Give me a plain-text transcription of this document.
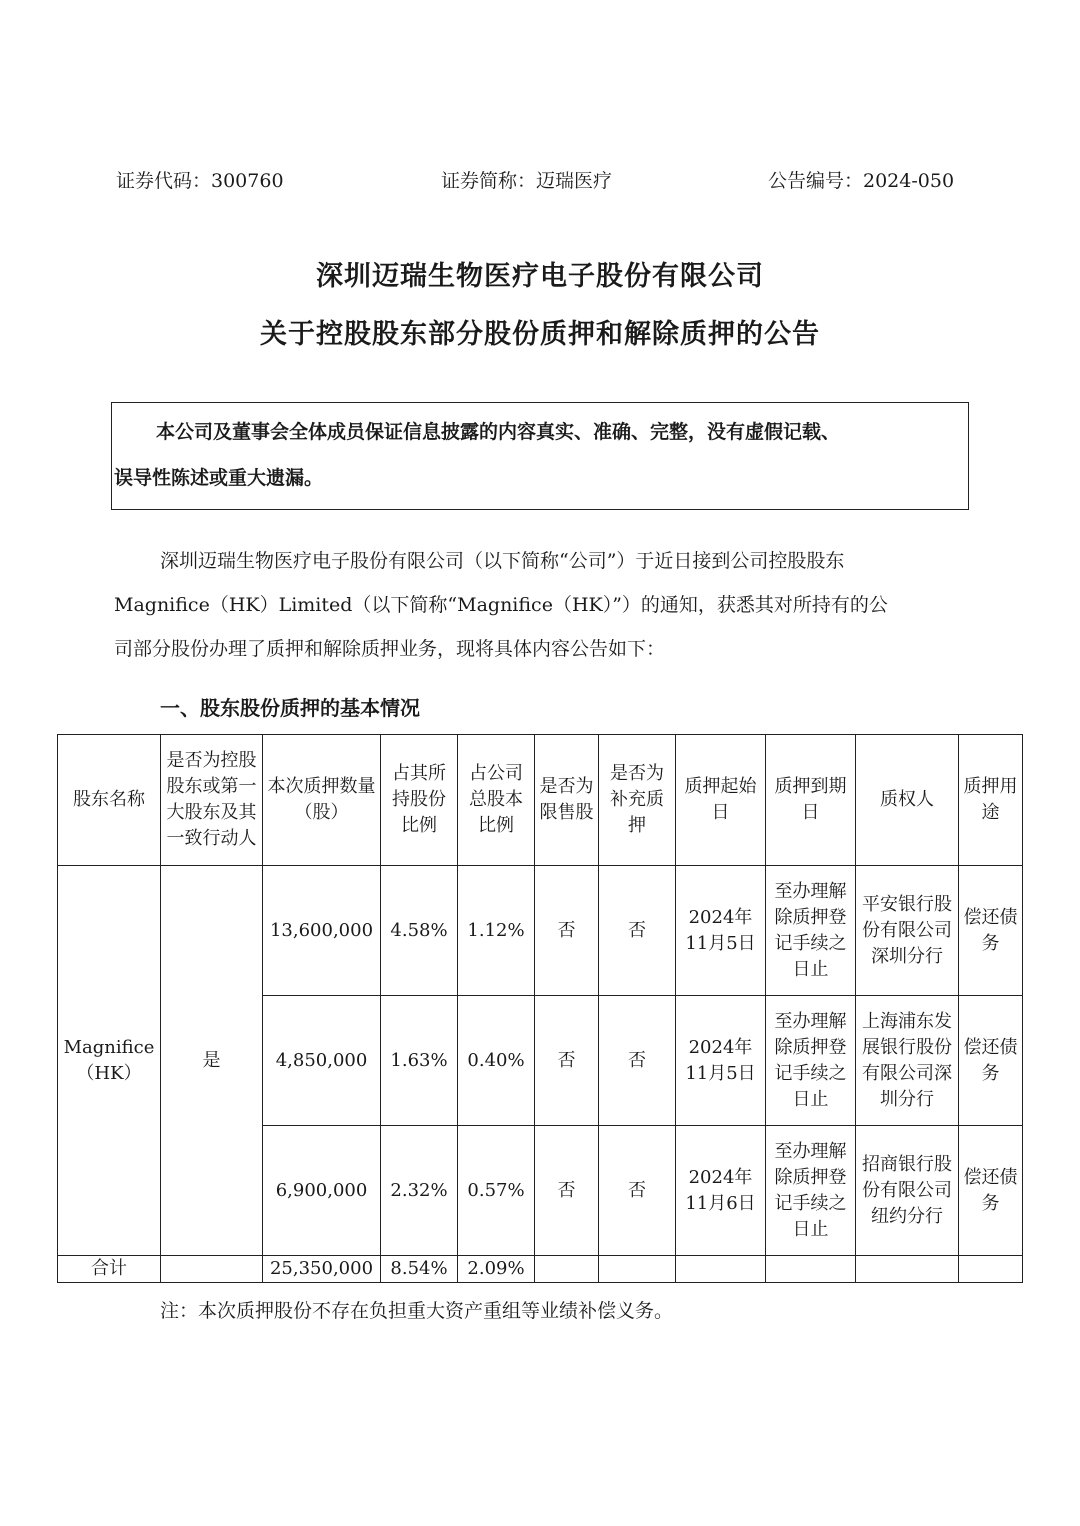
证券代码：300760	证券简称：迈瑞医疗	公告编号：2024-050
深圳迈瑞生物医疗电子股份有限公司
关于控股股东部分股份质押和解除质押的公告
本公司及董事会全体成员保证信息披露的内容真实、准确、完整，没有虚假记载、
误导性陈述或重大遗漏。
深圳迈瑞生物医疗电子股份有限公司（以下简称“公司”）于近日接到公司控股股东
Magnifice（HK）Limited（以下简称“Magnifice（HK）”）的通知，获悉其对所持有的公
司部分股份办理了质押和解除质押业务，现将具体内容公告如下：
一、股东股份质押的基本情况
股东名称	是否为控股股东或第一大股东及其一致行动人	本次质押数量（股）	占其所持股份比例	占公司总股本比例	是否为限售股	是否为补充质押	质押起始日	质押到期日	质权人	质押用途
Magnifice（HK）	是	13,600,000	4.58%	1.12%	否	否	2024年11月5日	至办理解除质押登记手续之日止	平安银行股份有限公司深圳分行	偿还债务
		4,850,000	1.63%	0.40%	否	否	2024年11月5日	至办理解除质押登记手续之日止	上海浦东发展银行股份有限公司深圳分行	偿还债务
		6,900,000	2.32%	0.57%	否	否	2024年11月6日	至办理解除质押登记手续之日止	招商银行股份有限公司纽约分行	偿还债务
合计		25,350,000	8.54%	2.09%						
注：本次质押股份不存在负担重大资产重组等业绩补偿义务。
